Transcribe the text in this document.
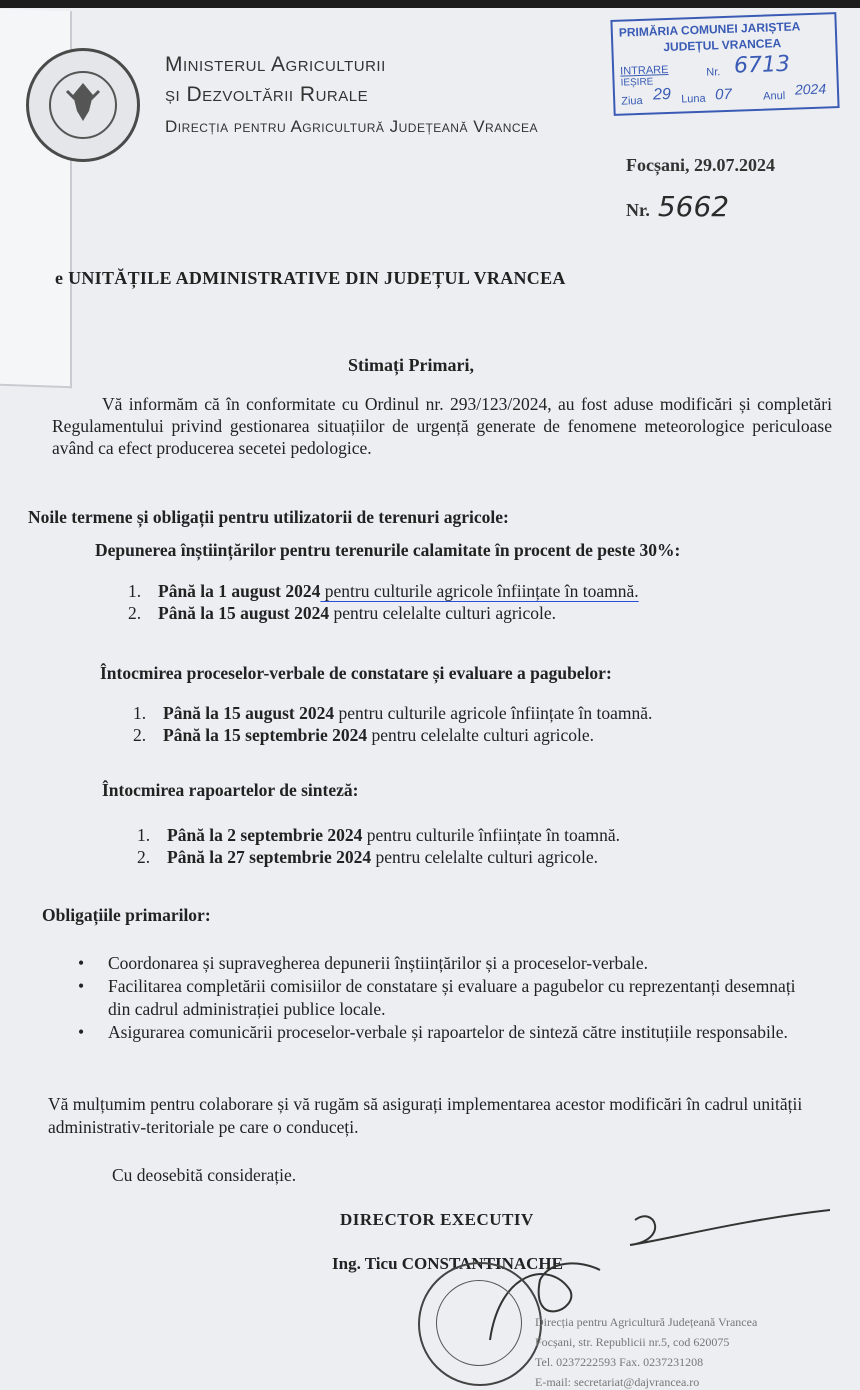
Ministerul Agriculturii
și Dezvoltării Rurale
Direcția pentru Agricultură Județeană Vrancea
PRIMĂRIA COMUNEI JARIȘTEA
JUDEȚUL VRANCEA
INTRARE
IEȘIRE
Nr. 6713
Ziua 29 Luna 07	Anul 2024
Focșani, 29.07.2024
Nr. 5662
e UNITĂȚILE ADMINISTRATIVE DIN JUDEȚUL VRANCEA
Stimați Primari,
Vă informăm că în conformitate cu Ordinul nr. 293/123/2024, au fost aduse modificări și completări Regulamentului privind gestionarea situațiilor de urgență generate de fenomene meteorologice periculoase având ca efect producerea secetei pedologice.
Noile termene și obligații pentru utilizatorii de terenuri agricole:
Depunerea înștiințărilor pentru terenurile calamitate în procent de peste 30%:
1. Până la 1 august 2024 pentru culturile agricole înființate în toamnă.
2. Până la 15 august 2024 pentru celelalte culturi agricole.
Întocmirea proceselor-verbale de constatare și evaluare a pagubelor:
1. Până la 15 august 2024 pentru culturile agricole înființate în toamnă.
2. Până la 15 septembrie 2024 pentru celelalte culturi agricole.
Întocmirea rapoartelor de sinteză:
1. Până la 2 septembrie 2024 pentru culturile înființate în toamnă.
2. Până la 27 septembrie 2024 pentru celelalte culturi agricole.
Obligațiile primarilor:
• Coordonarea și supravegherea depunerii înștiințărilor și a proceselor-verbale.
• Facilitarea completării comisiilor de constatare și evaluare a pagubelor cu reprezentanți desemnați din cadrul administrației publice locale.
• Asigurarea comunicării proceselor-verbale și rapoartelor de sinteză către instituțiile responsabile.
Vă mulțumim pentru colaborare și vă rugăm să asigurați implementarea acestor modificări în cadrul unității administrativ-teritoriale pe care o conduceți.
Cu deosebită considerație.
DIRECTOR EXECUTIV
Ing. Ticu CONSTANTINACHE
Direcția pentru Agricultură Județeană Vrancea
Focșani, str. Republicii nr.5, cod 620075
Tel. 0237222593 Fax. 0237231208
E-mail: secretariat@dajvrancea.ro
